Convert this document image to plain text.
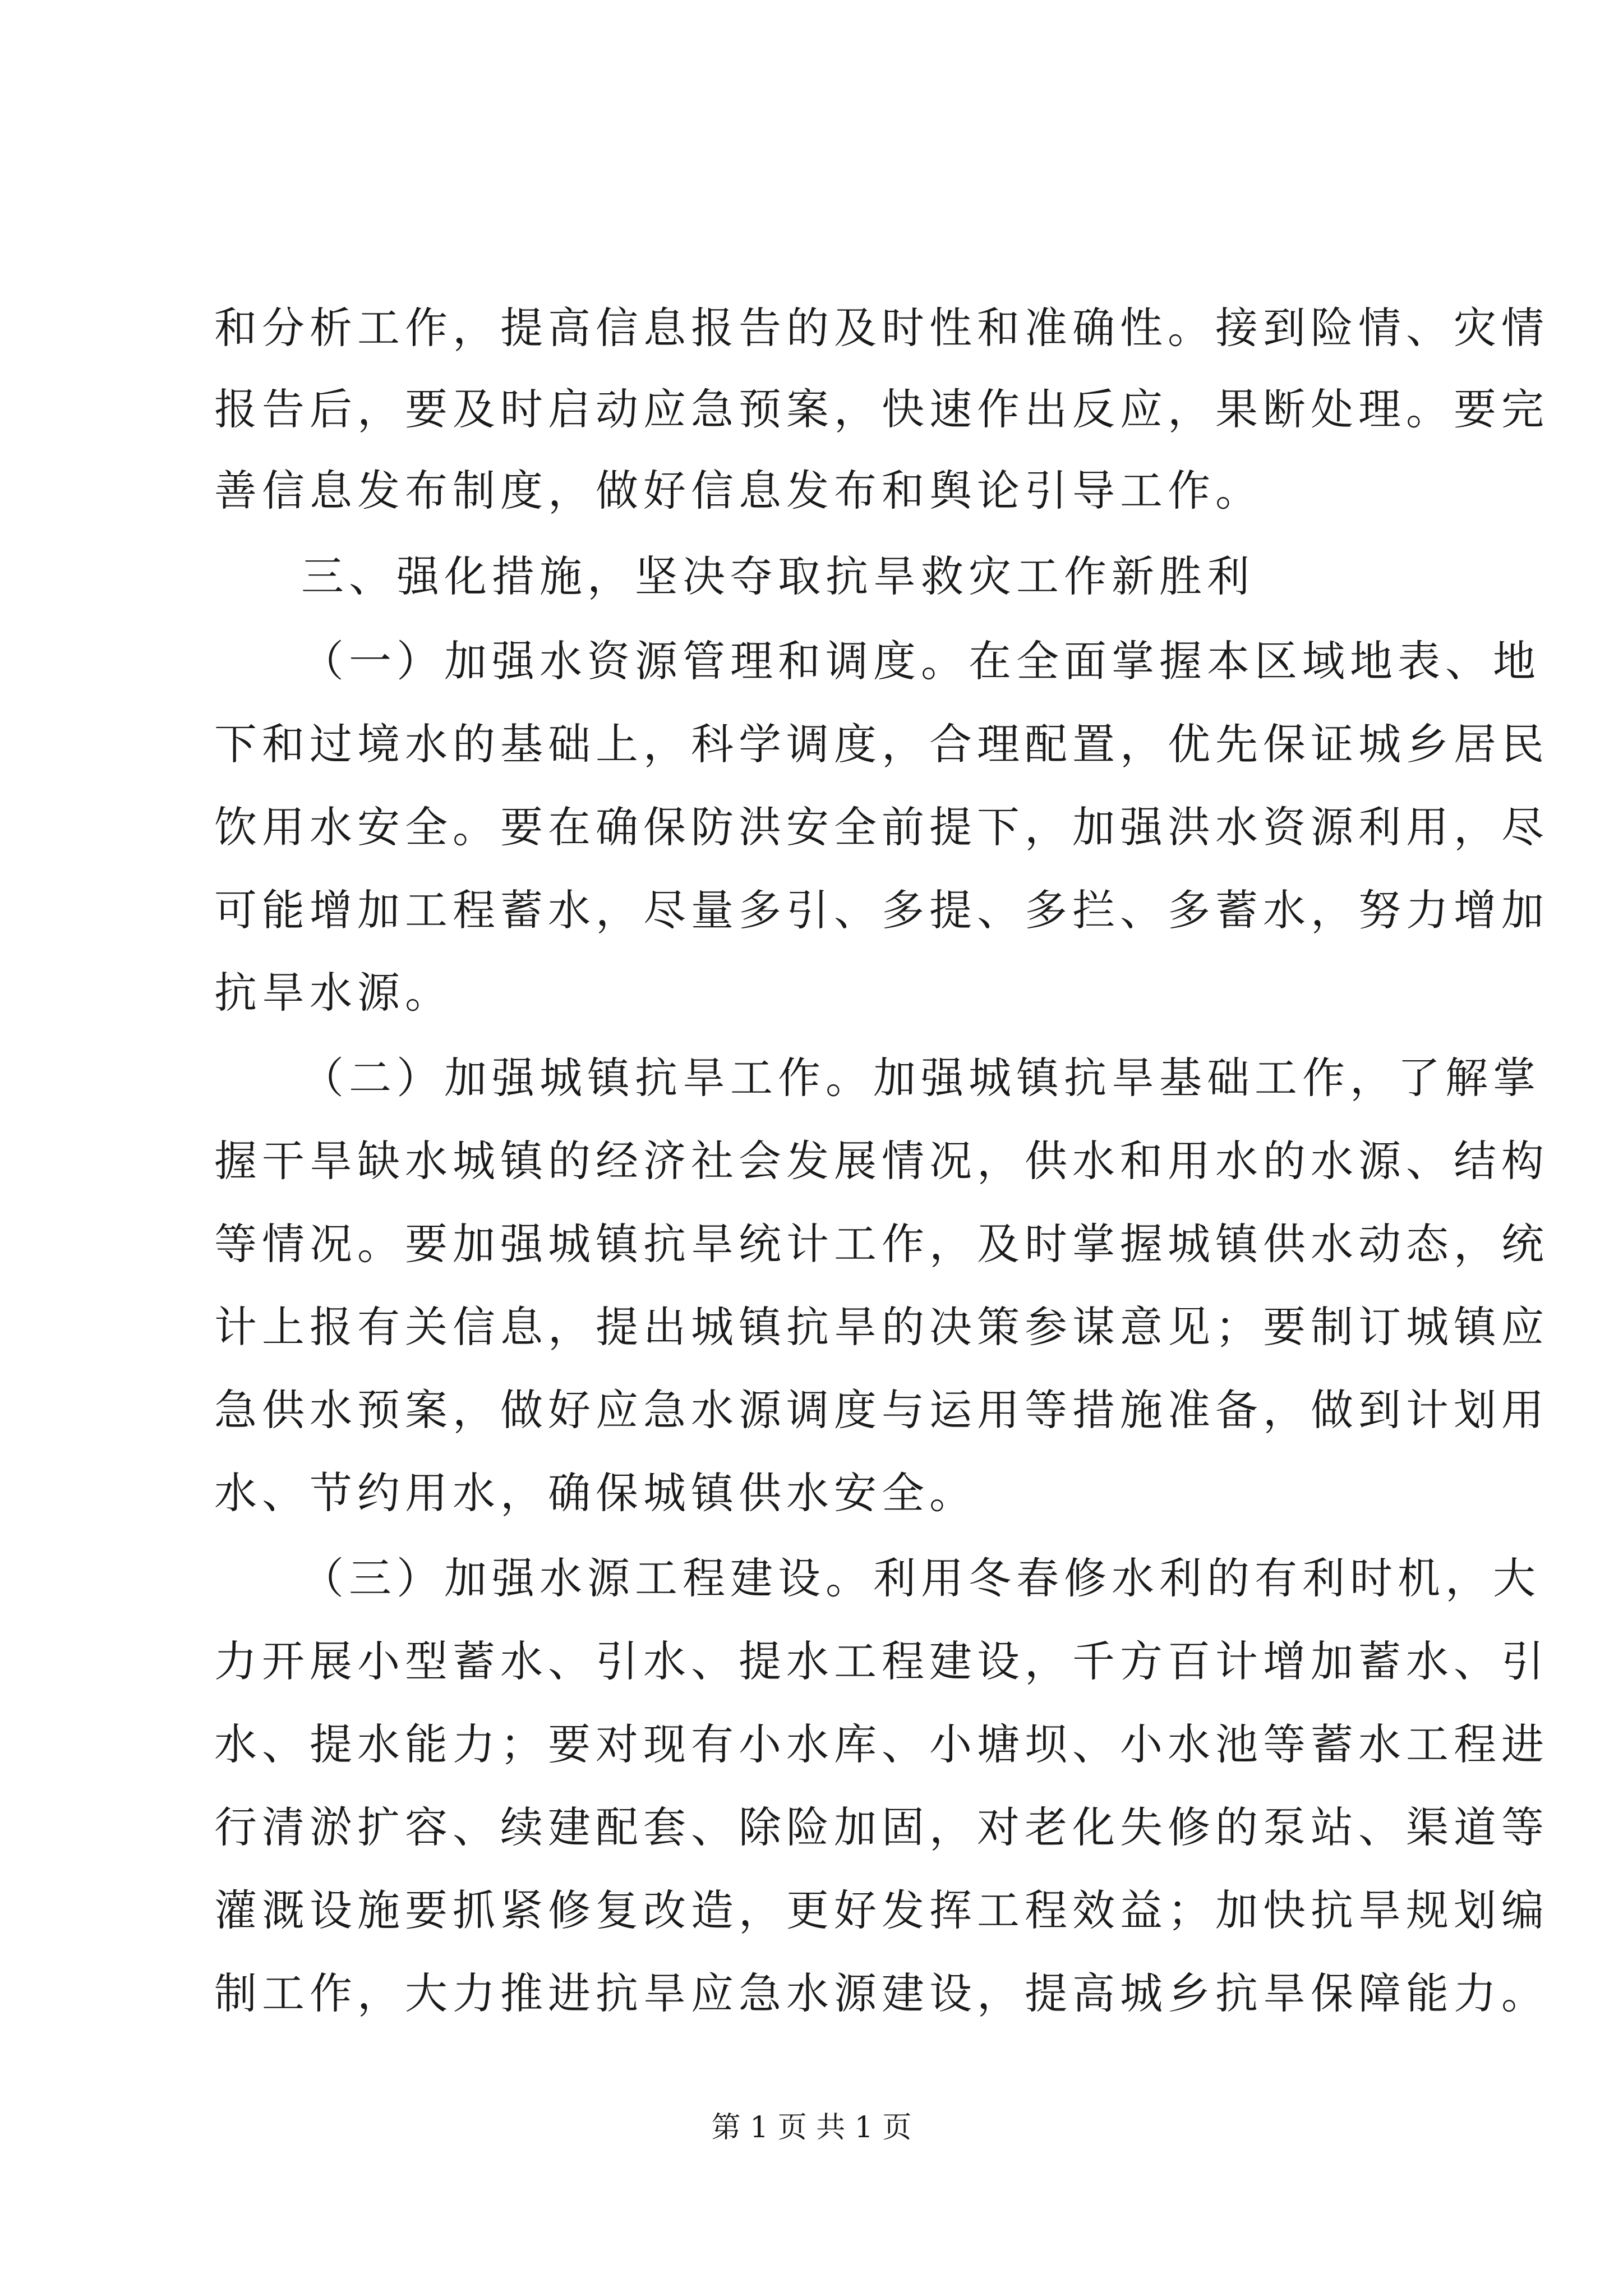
和分析工作，提高信息报告的及时性和准确性。接到险情、灾情
报告后，要及时启动应急预案，快速作出反应，果断处理。要完
善信息发布制度，做好信息发布和舆论引导工作。
三、强化措施，坚决夺取抗旱救灾工作新胜利
（一）加强水资源管理和调度。在全面掌握本区域地表、地
下和过境水的基础上，科学调度，合理配置，优先保证城乡居民
饮用水安全。要在确保防洪安全前提下，加强洪水资源利用，尽
可能增加工程蓄水，尽量多引、多提、多拦、多蓄水，努力增加
抗旱水源。
（二）加强城镇抗旱工作。加强城镇抗旱基础工作，了解掌
握干旱缺水城镇的经济社会发展情况，供水和用水的水源、结构
等情况。要加强城镇抗旱统计工作，及时掌握城镇供水动态，统
计上报有关信息，提出城镇抗旱的决策参谋意见；要制订城镇应
急供水预案，做好应急水源调度与运用等措施准备，做到计划用
水、节约用水，确保城镇供水安全。
（三）加强水源工程建设。利用冬春修水利的有利时机，大
力开展小型蓄水、引水、提水工程建设，千方百计增加蓄水、引
水、提水能力；要对现有小水库、小塘坝、小水池等蓄水工程进
行清淤扩容、续建配套、除险加固，对老化失修的泵站、渠道等
灌溉设施要抓紧修复改造，更好发挥工程效益；加快抗旱规划编
制工作，大力推进抗旱应急水源建设，提高城乡抗旱保障能力。
第 1 页 共 1 页
